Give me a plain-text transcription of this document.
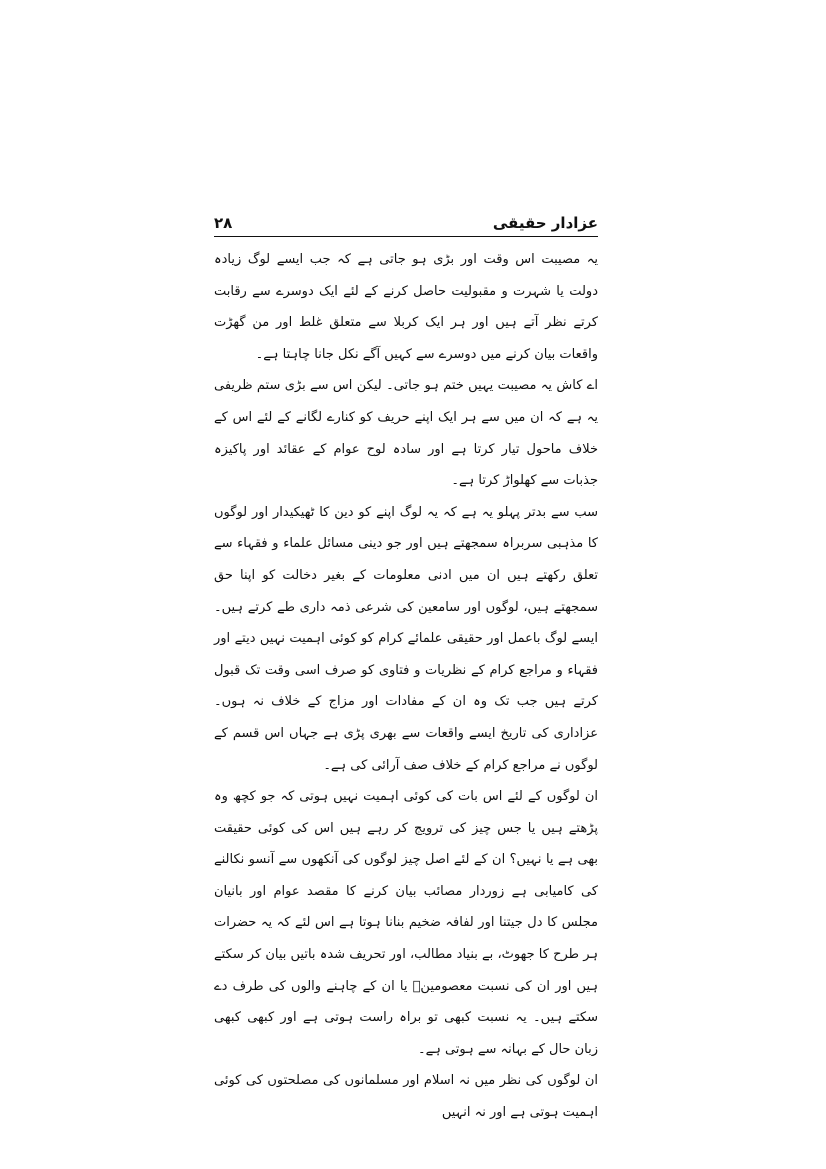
عزادار حقیقی
۲۸

یہ مصیبت اس وقت اور بڑی ہو جاتی ہے کہ جب ایسے لوگ زیادہ دولت یا شہرت و مقبولیت حاصل کرنے کے لئے ایک دوسرے سے رقابت کرتے نظر آتے ہیں اور ہر ایک کربلا سے متعلق غلط اور من گھڑت واقعات بیان کرنے میں دوسرے سے کہیں آگے نکل جانا چاہتا ہے۔

اے کاش یہ مصیبت یہیں ختم ہو جاتی۔ لیکن اس سے بڑی ستم ظریفی یہ ہے کہ ان میں سے ہر ایک اپنے حریف کو کنارے لگانے کے لئے اس کے خلاف ماحول تیار کرتا ہے اور سادہ لوح عوام کے عقائد اور پاکیزہ جذبات سے کھلواڑ کرتا ہے۔

سب سے بدتر پہلو یہ ہے کہ یہ لوگ اپنے کو دین کا ٹھیکیدار اور لوگوں کا مذہبی سربراہ سمجھتے ہیں اور جو دینی مسائل علماء و فقہاء سے تعلق رکھتے ہیں ان میں ادنی معلومات کے بغیر دخالت کو اپنا حق سمجھتے ہیں، لوگوں اور سامعین کی شرعی ذمہ داری طے کرتے ہیں۔ ایسے لوگ باعمل اور حقیقی علمائے کرام کو کوئی اہمیت نہیں دیتے اور فقہاء و مراجع کرام کے نظریات و فتاوی کو صرف اسی وقت تک قبول کرتے ہیں جب تک وہ ان کے مفادات اور مزاج کے خلاف نہ ہوں۔ عزاداری کی تاریخ ایسے واقعات سے بھری پڑی ہے جہاں اس قسم کے لوگوں نے مراجع کرام کے خلاف صف آرائی کی ہے۔

ان لوگوں کے لئے اس بات کی کوئی اہمیت نہیں ہوتی کہ جو کچھ وہ پڑھتے ہیں یا جس چیز کی ترویج کر رہے ہیں اس کی کوئی حقیقت بھی ہے یا نہیں؟ ان کے لئے اصل چیز لوگوں کی آنکھوں سے آنسو نکالنے کی کامیابی ہے زوردار مصائب بیان کرنے کا مقصد عوام اور بانیان مجلس کا دل جیتنا اور لفافہ ضخیم بنانا ہوتا ہے اس لئے کہ یہ حضرات ہر طرح کا جھوٹ، بے بنیاد مطالب، اور تحریف شدہ باتیں بیان کر سکتے ہیں اور ان کی نسبت معصومینؑ یا ان کے چاہنے والوں کی طرف دے سکتے ہیں۔ یہ نسبت کبھی تو براہ راست ہوتی ہے اور کبھی کبھی زبان حال کے بہانہ سے ہوتی ہے۔

ان لوگوں کی نظر میں نہ اسلام اور مسلمانوں کی مصلحتوں کی کوئی اہمیت ہوتی ہے اور نہ انہیں
